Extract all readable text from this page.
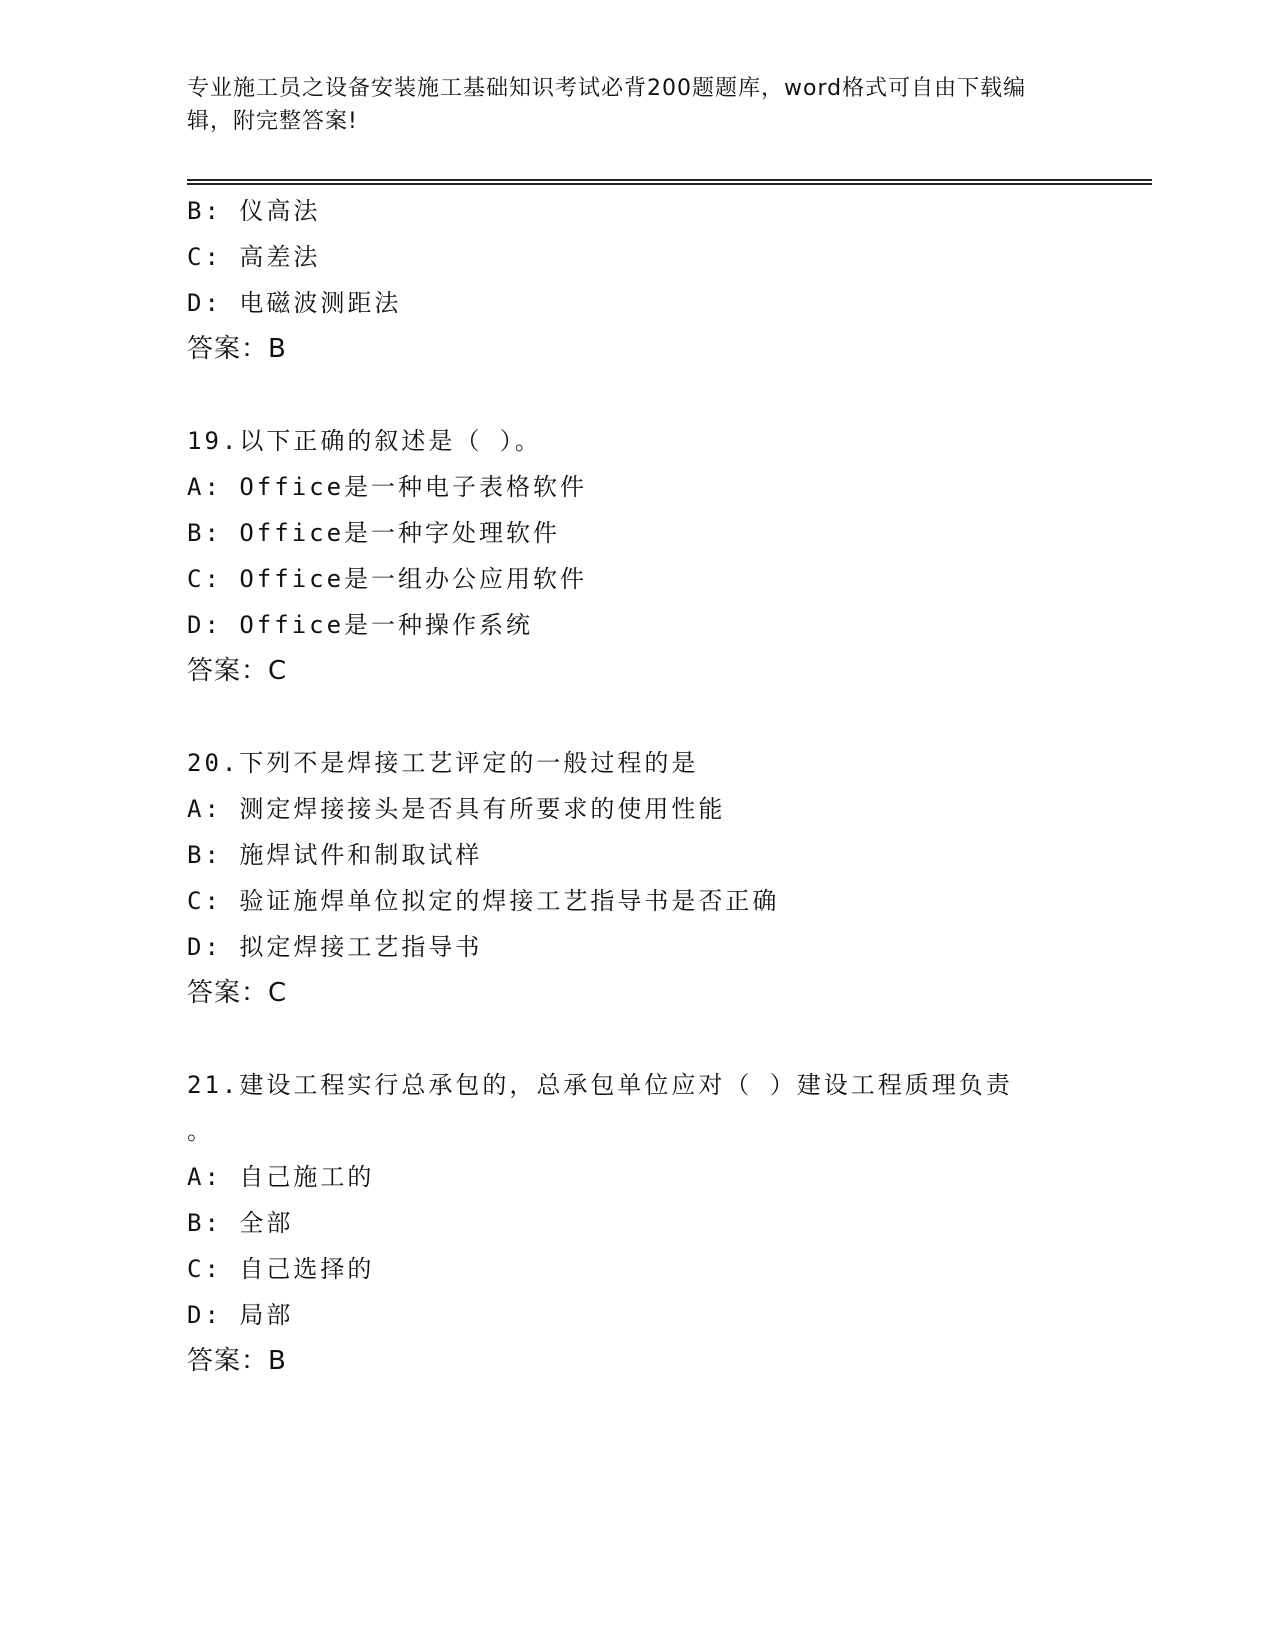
专业施工员之设备安装施工基础知识考试必背200题题库，word格式可自由下载编辑，附完整答案!
B: 仪高法
C: 高差法
D: 电磁波测距法
答案：B
19.以下正确的叙述是（ ）。
A: Office是一种电子表格软件
B: Office是一种字处理软件
C: Office是一组办公应用软件
D: Office是一种操作系统
答案：C
20.下列不是焊接工艺评定的一般过程的是
A: 测定焊接接头是否具有所要求的使用性能
B: 施焊试件和制取试样
C: 验证施焊单位拟定的焊接工艺指导书是否正确
D: 拟定焊接工艺指导书
答案：C
21.建设工程实行总承包的，总承包单位应对（ ）建设工程质理负责
。
A: 自己施工的
B: 全部
C: 自己选择的
D: 局部
答案：B
